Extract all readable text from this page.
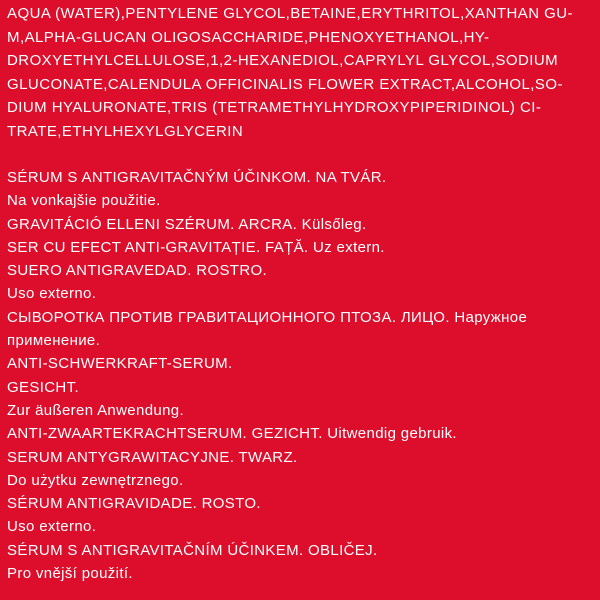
AQUA (WATER),PENTYLENE GLYCOL,BETAINE,ERYTHRITOL,XANTHAN GU-
M,ALPHA-GLUCAN OLIGOSACCHARIDE,PHENOXYETHANOL,HY-
DROXYETHYLCELLULOSE,1,2-HEXANEDIOL,CAPRYLYL GLYCOL,SODIUM
GLUCONATE,CALENDULA OFFICINALIS FLOWER EXTRACT,ALCOHOL,SO-
DIUM HYALURONATE,TRIS (TETRAMETHYLHYDROXYPIPERIDINOL) CI-
TRATE,ETHYLHEXYLGLYCERIN

SÉRUM S ANTIGRAVITAČNÝM ÚČINKOM. NA TVÁR.
Na vonkajšie použitie.
GRAVITÁCIÓ ELLENI SZÉRUM. ARCRA. Külsőleg.
SER CU EFECT ANTI-GRAVITAȚIE. FAȚĂ. Uz extern.
SUERO ANTIGRAVEDAD. ROSTRO.
Uso externo.
СЫВОРОТКА ПРОТИВ ГРАВИТАЦИОННОГО ПТОЗА. ЛИЦО. Наружное
применение.
ANTI-SCHWERKRAFT-SERUM.
GESICHT.
Zur äußeren Anwendung.
ANTI-ZWAARTEKRACHTSERUM. GEZICHT. Uitwendig gebruik.
SERUM ANTYGRAWITACYJNE. TWARZ.
Do użytku zewnętrznego.
SÉRUM ANTIGRAVIDADE. ROSTO.
Uso externo.
SÉRUM S ANTIGRAVITAČNÍM ÚČINKEM. OBLIČEJ.
Pro vnější použití.
